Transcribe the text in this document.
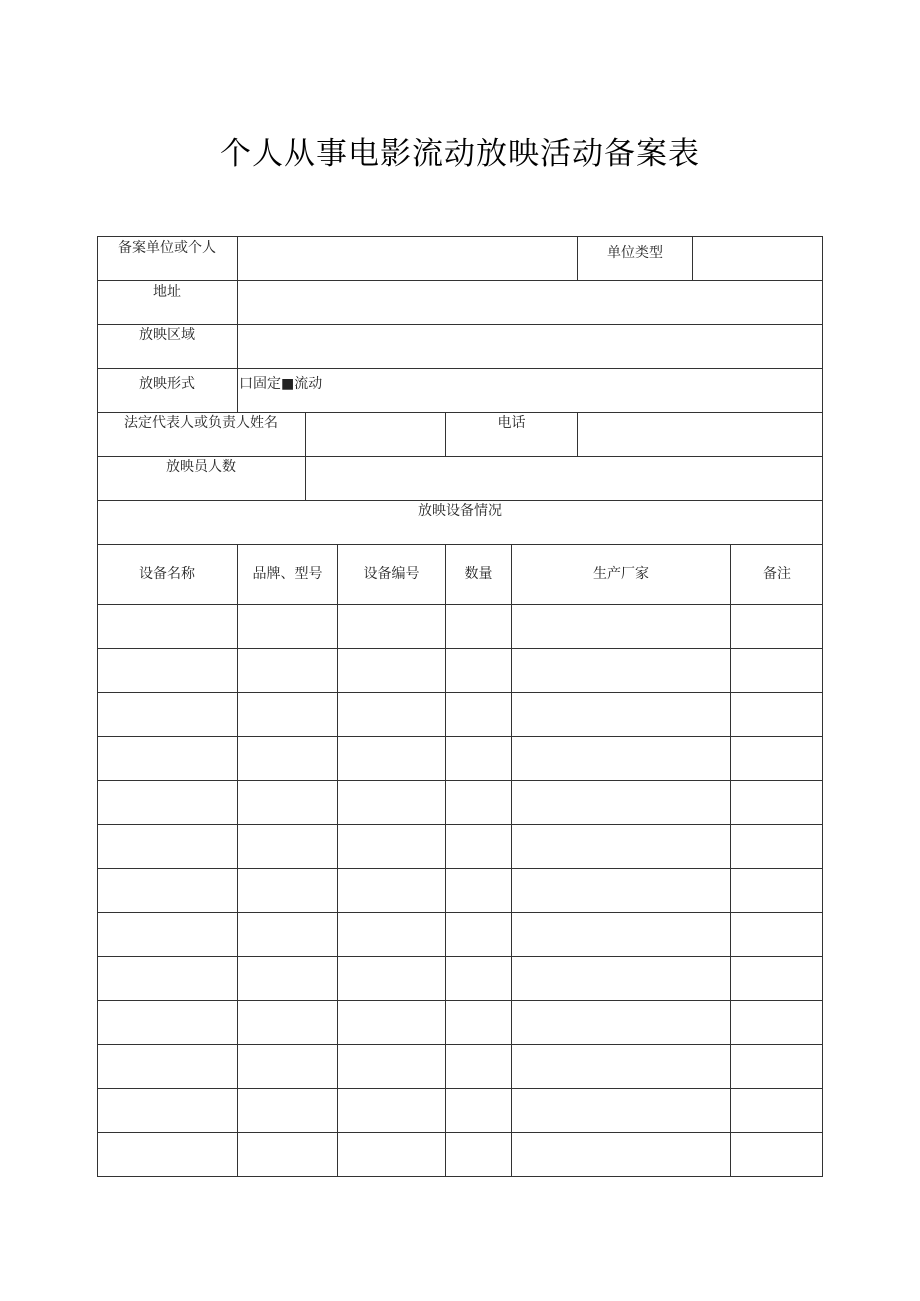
个人从事电影流动放映活动备案表
备案单位或个人	单位类型
地址
放映区域
放映形式	口固定■流动
法定代表人或负责人姓名	电话
放映员人数
放映设备情况
设备名称	品牌、型号	设备编号	数量	生产厂家	备注
